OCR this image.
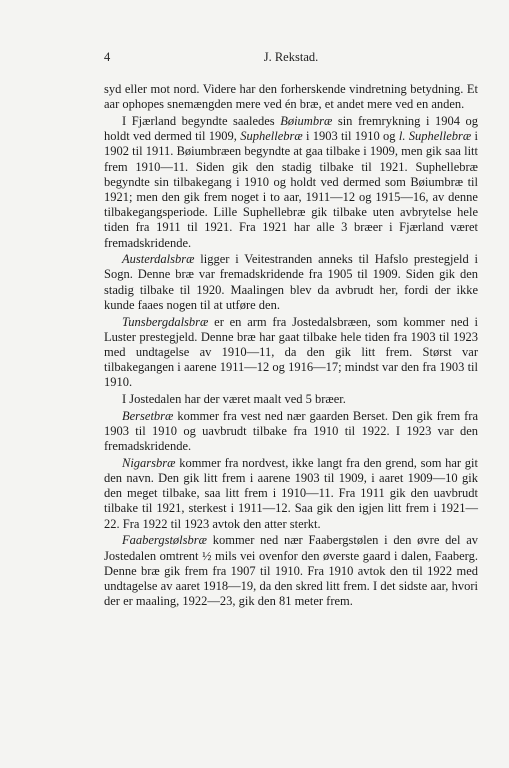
4	J. Rekstad.

syd eller mot nord. Videre har den forherskende vindretning betydning. Et aar ophopes snemængden mere ved én bræ, et andet mere ved en anden.

I Fjærland begyndte saaledes Bøiumbræ sin fremrykning i 1904 og holdt ved dermed til 1909, Suphellebræ i 1903 til 1910 og l. Suphellebræ i 1902 til 1911. Bøiumbræen begyndte at gaa tilbake i 1909, men gik saa litt frem 1910—11. Siden gik den stadig tilbake til 1921. Suphellebræ begyndte sin tilbakegang i 1910 og holdt ved dermed som Bøiumbræ til 1921; men den gik frem noget i to aar, 1911—12 og 1915—16, av denne tilbakegangsperiode. Lille Suphellebræ gik tilbake uten avbrytelse hele tiden fra 1911 til 1921. Fra 1921 har alle 3 bræer i Fjærland været fremadskridende.

Austerdalsbræ ligger i Veitestranden anneks til Hafslo prestegjeld i Sogn. Denne bræ var fremadskridende fra 1905 til 1909. Siden gik den stadig tilbake til 1920. Maalingen blev da avbrudt her, fordi der ikke kunde faaes nogen til at utføre den.

Tunsbergdalsbræ er en arm fra Jostedalsbræen, som kommer ned i Luster prestegjeld. Denne bræ har gaat tilbake hele tiden fra 1903 til 1923 med undtagelse av 1910—11, da den gik litt frem. Størst var tilbakegangen i aarene 1911—12 og 1916—17; mindst var den fra 1903 til 1910.

I Jostedalen har der været maalt ved 5 bræer.

Bersetbræ kommer fra vest ned nær gaarden Berset. Den gik frem fra 1903 til 1910 og uavbrudt tilbake fra 1910 til 1922. I 1923 var den fremadskridende.

Nigarsbræ kommer fra nordvest, ikke langt fra den grend, som har git den navn. Den gik litt frem i aarene 1903 til 1909, i aaret 1909—10 gik den meget tilbake, saa litt frem i 1910—11. Fra 1911 gik den uavbrudt tilbake til 1921, sterkest i 1911—12. Saa gik den igjen litt frem i 1921—22. Fra 1922 til 1923 avtok den atter sterkt.

Faabergstølsbræ kommer ned nær Faabergstølen i den øvre del av Jostedalen omtrent ½ mils vei ovenfor den øverste gaard i dalen, Faaberg. Denne bræ gik frem fra 1907 til 1910. Fra 1910 avtok den til 1922 med undtagelse av aaret 1918—19, da den skred litt frem. I det sidste aar, hvori der er maaling, 1922—23, gik den 81 meter frem.
